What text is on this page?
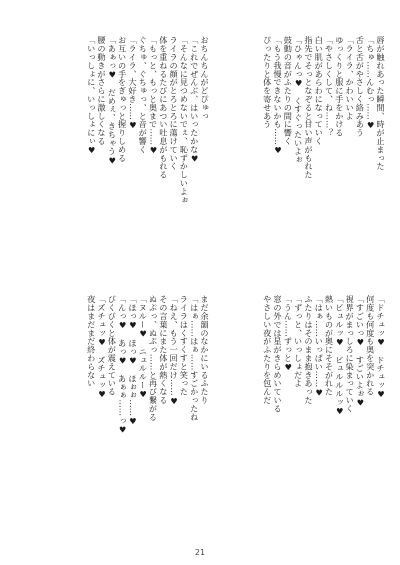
唇が触れあった瞬間、時が止まった

「ちゅ……んむっ……♥

舌と舌がやさしく絡みあう

「ライラ、かわいいよ

ゆっくりと服に手をかける

「やさしくして、ね……？

白い肌があらわになっていく

指先でそっとなぞると甘い声がもれた

「ひゃんっ♥　くすぐったいよぉ

鼓動の音がふたりの間に響く

「もう我慢できないかも……♥

ぴったりと体を寄せあう

おちんちんがどぴゅっ

「これでぜんぶ、はいったかな♥

「そんなに見つめないでぇ、恥ずかしいよぉ

ライラの顔がとろとろに蕩けていく

体を重ねるたびにあつい吐息がもれる

「もっと、もっと奥まで……♥

ぐちゅ、ぐちゅっ、と音が響く

「ライラ、大好き……♥

お互いの手をぎゅっと握りしめる

「あぁっ♥　だめぇ、きちゃう♥

腰の動きがさらに激しくなる

「いっしょに、いっしょにぃ♥

「ドチュッ♥　ドチュッ♥

何度も何度も奥を突かれる

「すごいっ♥　すごいよぉ♥

視界がまっしろに染まっていく

「ビュルッ♥　ビュルルルッ♥

熱いものが奥にそそがれた

「はぁ……いっぱい……♥

ふたりはそのまま抱きあった

「ずっと、いっしょだよ

「うん……ずっと♥

窓の外では星がきらめいている

やさしい夜がふたりを包んだ

まだ余韻のなかにいるふたり

「はぁ……はぁ……すごかったね

ライラはくすくすと笑った

「ねえ、もう一回だけ……♥

その言葉にまた体が熱くなる

ぬぷっ、ぬぷっ……と再び繋がる

「ヌルー♥　ニュルルー♥

「ほっ♥　ほっ♥　ほぉぉ……♥

「んっ♥　あっ♥　あぁぁ……っ♥

びくびくと体が震えている

「ズチュッ♥　ズチュッ♥

夜はまだまだ終わらない

21
